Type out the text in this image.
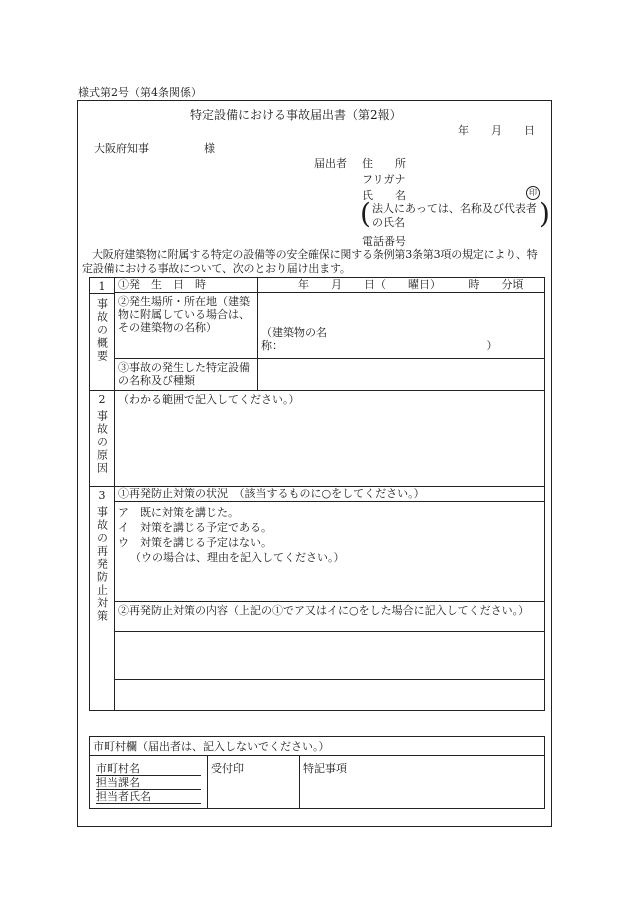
様式第2号（第4条関係）
特定設備における事故届出書（第2報）
年　　月　　日
大阪府知事　　　　　様
届出者 住　　所
フリガナ
氏　　名	印
( 法人にあっては、名称及び代表者の氏名	)
電話番号
大阪府建築物に附属する特定の設備等の安全確保に関する条例第3条第3項の規定により、特定設備における事故について、次のとおり届け出ます。
1
事故の概要	①発　生　日　時	年　　月　　日（　　曜日）　　　時　　分頃
	②発生場所・所在地（建築物に附属している場合は、その建築物の名称）	（建築物の名称：　　　　　　　　　　　　　　　　　　　）
	③事故の発生した特定設備の名称及び種類	

2
事故の原因	（わかる範囲で記入してください。）	

3
事故の再発防止対策	①再発防止対策の状況　（該当するものに○をしてください。）	

	ア　既に対策を講じた。
イ　対策を講じる予定である。
ウ　対策を講じる予定はない。
（ウの場合は、理由を記入してください。）	

	②再発防止対策の内容（上記の①でア又はイに○をした場合に記入してください。）	

市町村欄（届出者は、記入しないでください。）

市町村名
担当課名
担当者氏名
	受付印	特記事項
